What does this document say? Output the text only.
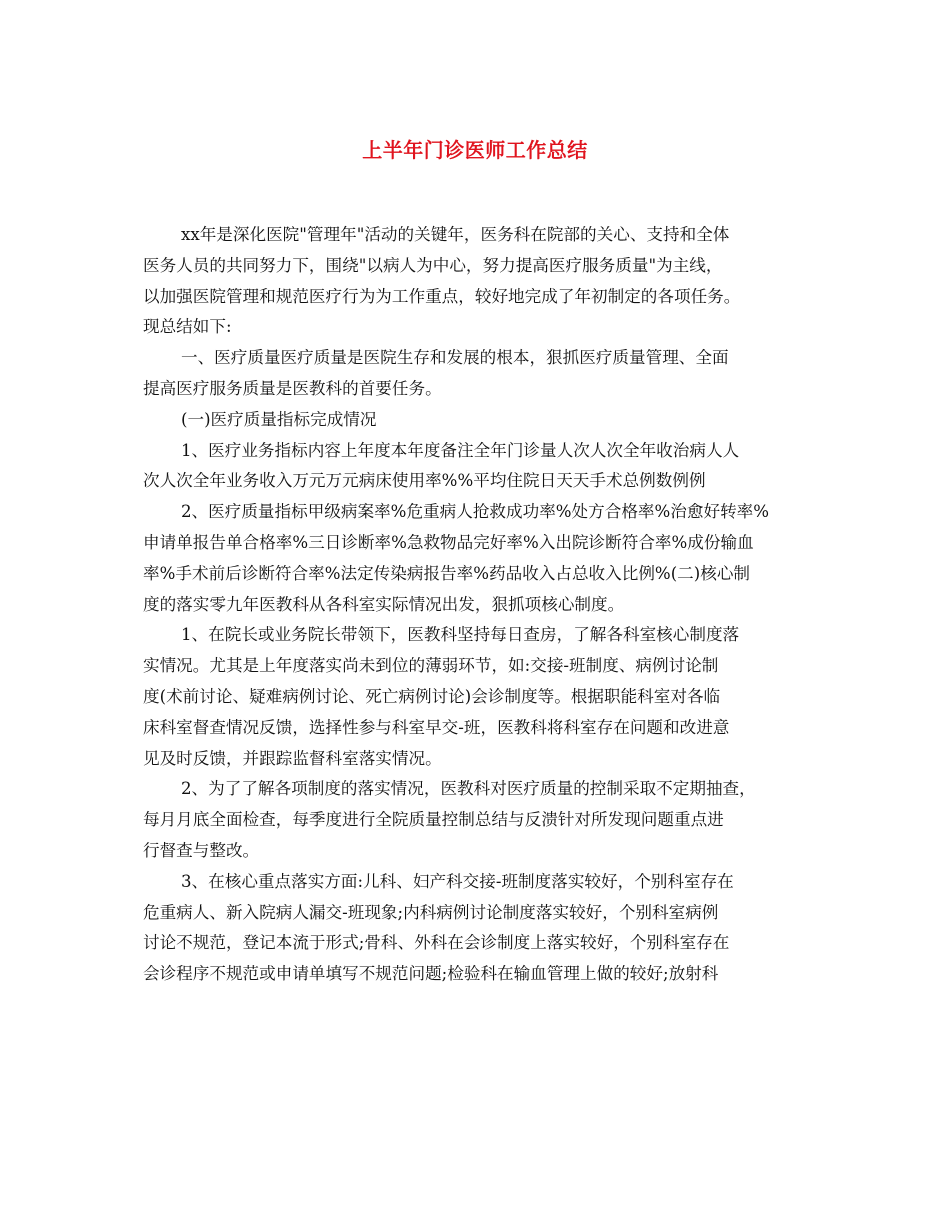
上半年门诊医师工作总结
xx年是深化医院"管理年"活动的关键年，医务科在院部的关心、支持和全体
医务人员的共同努力下，围绕"以病人为中心，努力提高医疗服务质量"为主线，
以加强医院管理和规范医疗行为为工作重点，较好地完成了年初制定的各项任务。
现总结如下:
一、医疗质量医疗质量是医院生存和发展的根本，狠抓医疗质量管理、全面
提高医疗服务质量是医教科的首要任务。
(一)医疗质量指标完成情况
1、医疗业务指标内容上年度本年度备注全年门诊量人次人次全年收治病人人
次人次全年业务收入万元万元病床使用率%%平均住院日天天手术总例数例例
2、医疗质量指标甲级病案率%危重病人抢救成功率%处方合格率%治愈好转率%
申请单报告单合格率%三日诊断率%急救物品完好率%入出院诊断符合率%成份输血
率%手术前后诊断符合率%法定传染病报告率%药品收入占总收入比例%(二)核心制
度的落实零九年医教科从各科室实际情况出发，狠抓项核心制度。
1、在院长或业务院长带领下，医教科坚持每日查房，了解各科室核心制度落
实情况。尤其是上年度落实尚未到位的薄弱环节，如:交接-班制度、病例讨论制
度(术前讨论、疑难病例讨论、死亡病例讨论)会诊制度等。根据职能科室对各临
床科室督查情况反馈，选择性参与科室早交-班，医教科将科室存在问题和改进意
见及时反馈，并跟踪监督科室落实情况。
2、为了了解各项制度的落实情况，医教科对医疗质量的控制采取不定期抽查，
每月月底全面检查，每季度进行全院质量控制总结与反溃针对所发现问题重点进
行督查与整改。
3、在核心重点落实方面:儿科、妇产科交接-班制度落实较好，个别科室存在
危重病人、新入院病人漏交-班现象;内科病例讨论制度落实较好，个别科室病例
讨论不规范，登记本流于形式;骨科、外科在会诊制度上落实较好，个别科室存在
会诊程序不规范或申请单填写不规范问题;检验科在输血管理上做的较好;放射科
